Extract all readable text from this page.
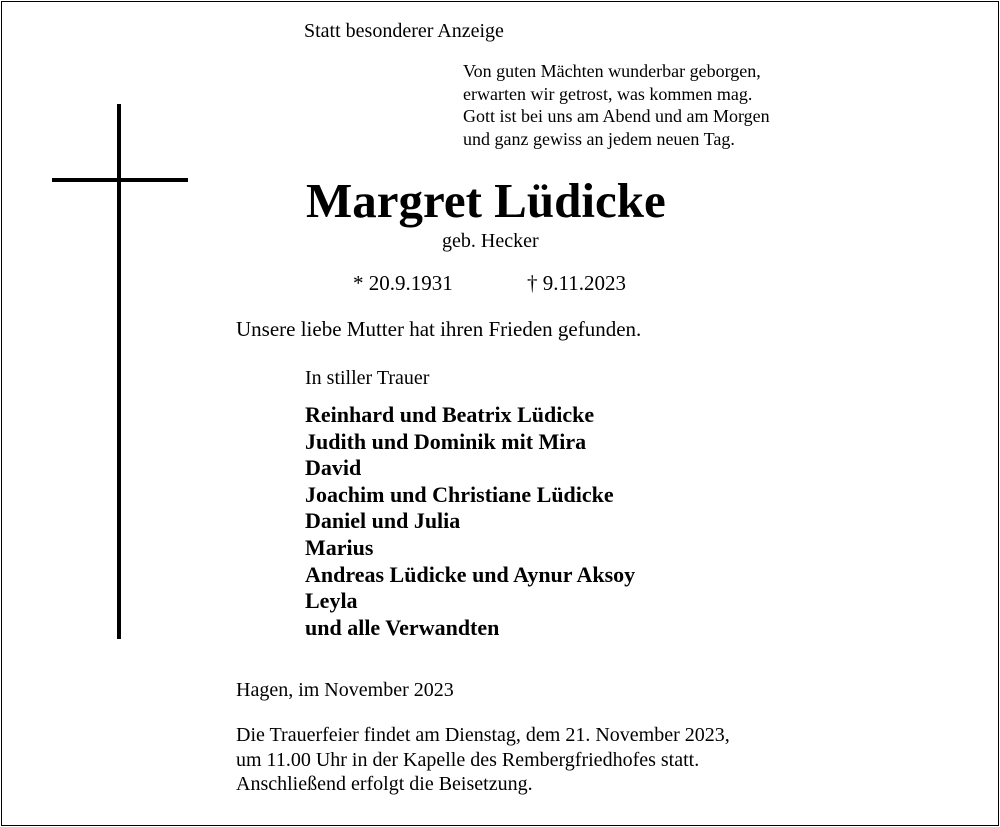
Statt besonderer Anzeige
Von guten Mächten wunderbar geborgen,
erwarten wir getrost, was kommen mag.
Gott ist bei uns am Abend und am Morgen
und ganz gewiss an jedem neuen Tag.
Margret Lüdicke
geb. Hecker
* 20.9.1931	† 9.11.2023
Unsere liebe Mutter hat ihren Frieden gefunden.
In stiller Trauer
Reinhard und Beatrix Lüdicke
Judith und Dominik mit Mira
David
Joachim und Christiane Lüdicke
Daniel und Julia
Marius
Andreas Lüdicke und Aynur Aksoy
Leyla
und alle Verwandten
Hagen, im November 2023
Die Trauerfeier findet am Dienstag, dem 21. November 2023,
um 11.00 Uhr in der Kapelle des Rembergfriedhofes statt.
Anschließend erfolgt die Beisetzung.
